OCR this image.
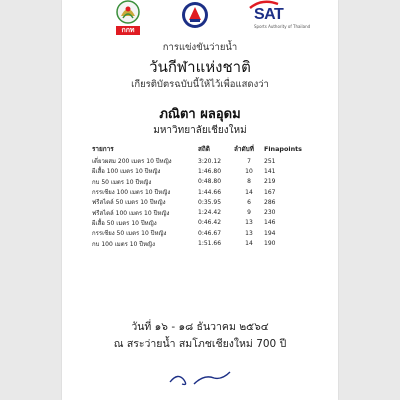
กกท
SAT
Sports Authority of Thailand
การแข่งขันว่ายน้ำ
วันกีฬาแห่งชาติ
เกียรติบัตรฉบับนี้ให้ไว้เพื่อแสดงว่า
ภณิตา ผลอุดม
มหาวิทยาลัยเชียงใหม่
รายการ	สถิติ	ลำดับที่	Finapoints
เดี่ยวผสม 200 เมตร 10 ปีหญิง	3:20.12	7	251
ผีเสื้อ 100 เมตร 10 ปีหญิง	1:46.80	10	141
กบ 50 เมตร 10 ปีหญิง	0:48.80	8	219
กรรเชียง 100 เมตร 10 ปีหญิง	1:44.66	14	167
ฟรีสไตล์ 50 เมตร 10 ปีหญิง	0:35.95	6	286
ฟรีสไตล์ 100 เมตร 10 ปีหญิง	1:24.42	9	230
ผีเสื้อ 50 เมตร 10 ปีหญิง	0:46.42	13	146
กรรเชียง 50 เมตร 10 ปีหญิง	0:46.67	13	194
กบ 100 เมตร 10 ปีหญิง	1:51.66	14	190
วันที่ ๑๖ - ๑๘ ธันวาคม ๒๕๖๔
ณ สระว่ายน้ำ สมโภชเชียงใหม่ 700 ปี
